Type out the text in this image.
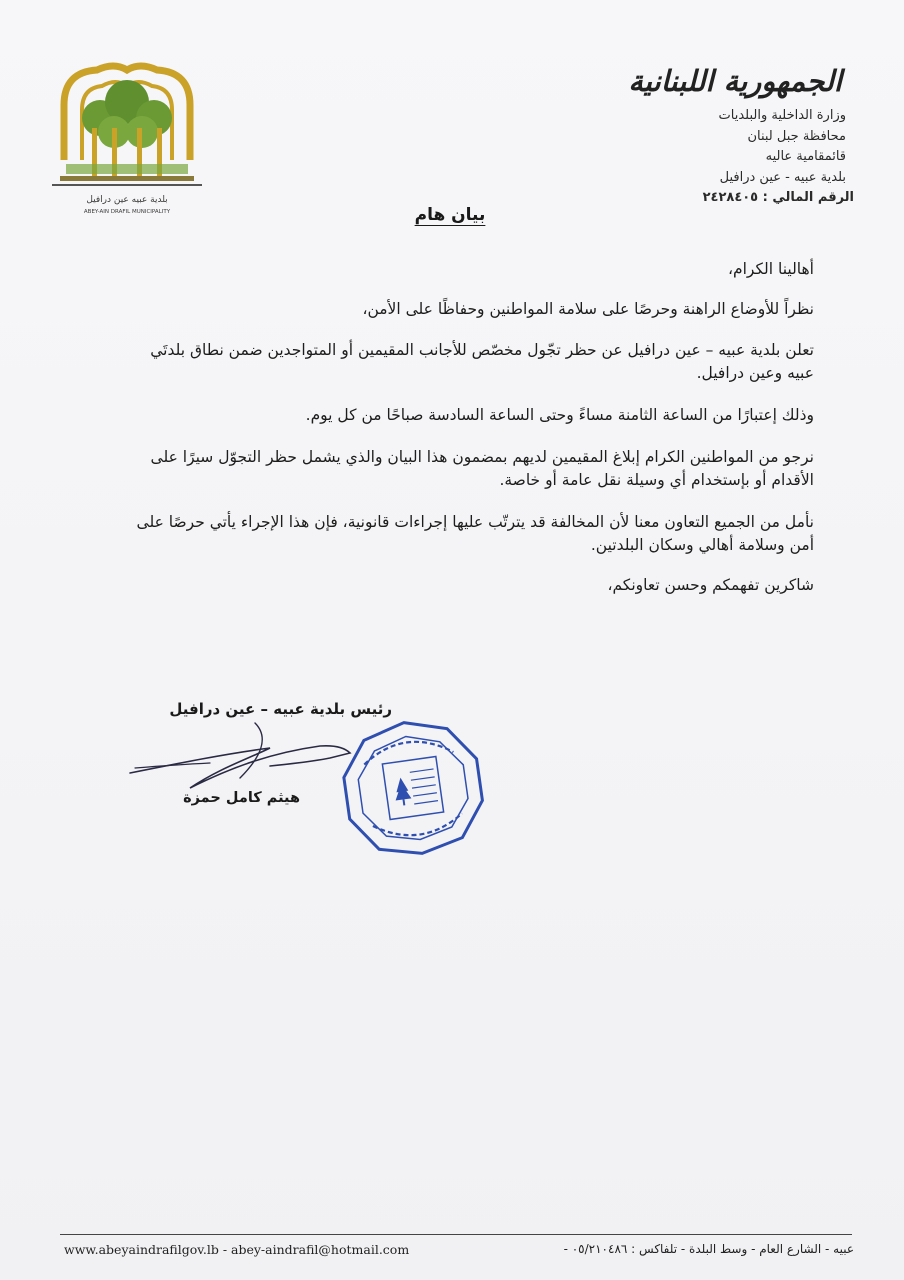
بلدية عبيه عين درافيل
ABEY-AIN DRAFIL MUNICIPALITY

الجمهورية اللبنانية

وزارة الداخلية والبلديات

محافظة جبل لبنان

قائمقامية عاليه

بلدية عبيه - عين درافيل

الرقم المالي : ٢٤٢٨٤٠٥

بيان هام

أهالينا الكرام،

نظراً للأوضاع الراهنة وحرصًا على سلامة المواطنين وحفاظًا على الأمن،

تعلن بلدية عبيه – عين درافيل عن حظر تجّول مخصّص للأجانب المقيمين أو المتواجدين ضمن نطاق بلدتَي عبيه وعين درافيل.

وذلك إعتبارًا من الساعة الثامنة مساءً وحتى الساعة السادسة صباحًا من كل يوم.

نرجو من المواطنين الكرام إبلاغ المقيمين لديهم بمضمون هذا البيان والذي يشمل حظر التجوّل سيرًا على الأقدام أو بإستخدام أي وسيلة نقل عامة أو خاصة.

نأمل من الجميع التعاون معنا لأن المخالفة قد يترتّب عليها إجراءات قانونية، فإن هذا الإجراء يأتي حرصًا على أمن وسلامة أهالي وسكان البلدتين.

شاكرين تفهمكم وحسن تعاونكم،

رئيس بلدية عبيه – عين درافيل
هيثم كامل حمزة
www.abeyaindrafilgov.lb - abey-aindrafil@hotmail.com	عبيه - الشارع العام - وسط البلدة - تلفاكس : ٠٥/٢١٠٤٨٦ -
